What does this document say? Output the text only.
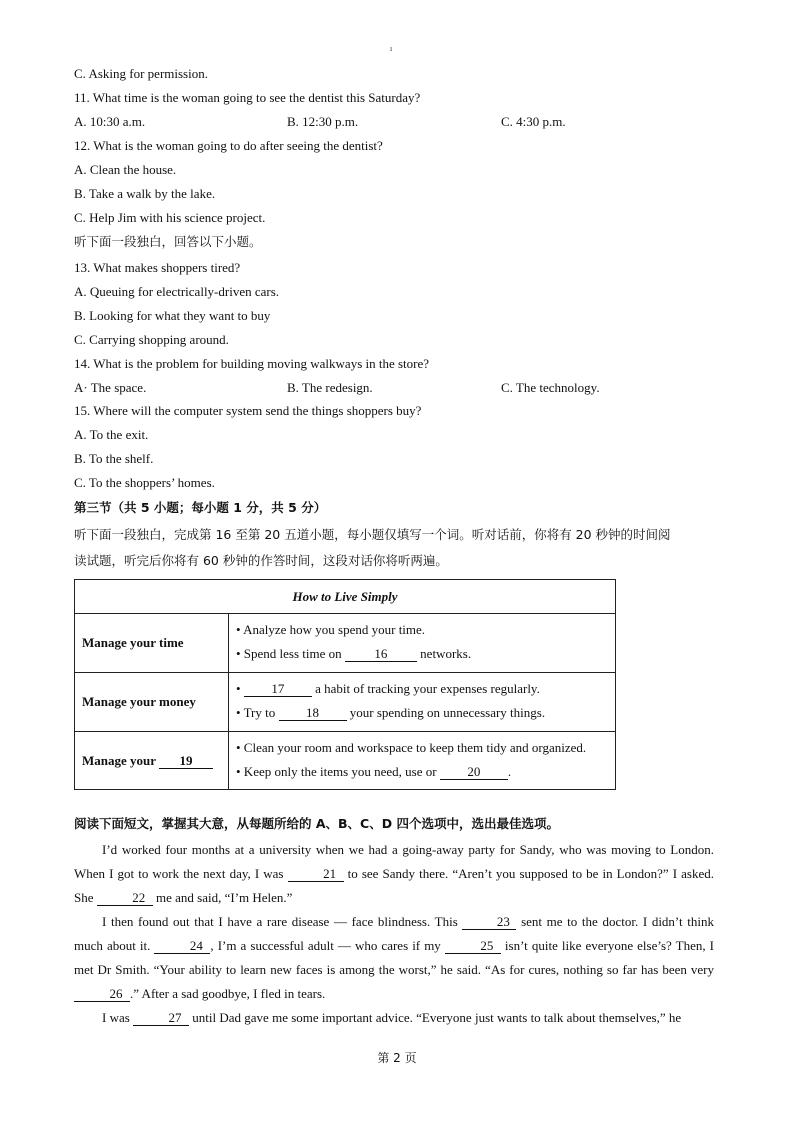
ı
C. Asking for permission.
11. What time is the woman going to see the dentist this Saturday?
A. 10:30 a.m.	B. 12:30 p.m.	C. 4:30 p.m.
12. What is the woman going to do after seeing the dentist?
A. Clean the house.
B. Take a walk by the lake.
C. Help Jim with his science project.
听下面一段独白，回答以下小题。
13. What makes shoppers tired?
A. Queuing for electrically-driven cars.
B. Looking for what they want to buy
C. Carrying shopping around.
14. What is the problem for building moving walkways in the store?
A· The space.	B. The redesign.	C. The technology.
15. Where will the computer system send the things shoppers buy?
A. To the exit.
B. To the shelf.
C. To the shoppers’ homes.
第三节（共 5 小题；每小题 1 分，共 5 分）
听下面一段独白，完成第 16 至第 20 五道小题，每小题仅填写一个词。听对话前，你将有 20 秒钟的时间阅
读试题，听完后你将有 60 秒钟的作答时间，这段对话你将听两遍。
How to Live Simply	
Manage your time	• Analyze how you spend your time.
• Spend less time on 16 networks.

Manage your money	• 17 a habit of tracking your expenses regularly.
• Try to 18 your spending on unnecessary things.

Manage your 19	• Clean your room and workspace to keep them tidy and organized.
• Keep only the items you need, use or 20 .
阅读下面短文，掌握其大意，从每题所给的 A、B、C、D 四个选项中，选出最佳选项。
I’d worked four months at a university when we had a going-away party for Sandy, who was moving to London. When I got to work the next day, I was	21 to see Sandy there. “Aren’t you supposed to be in London?” I asked. She	22 me and said, “I’m Helen.”
I then found out that I have a rare disease — face blindness. This	23 sent me to the doctor. I didn’t think much about it.	24 , I’m a successful adult — who cares if my	25 isn’t quite like everyone else’s? Then, I met Dr Smith. “Your ability to learn new faces is among the worst,” he said. “As for cures, nothing so far has been very 26 .” After a sad goodbye, I fled in tears.
I was	27 until Dad gave me some important advice. “Everyone just wants to talk about themselves,” he
第 2 页
